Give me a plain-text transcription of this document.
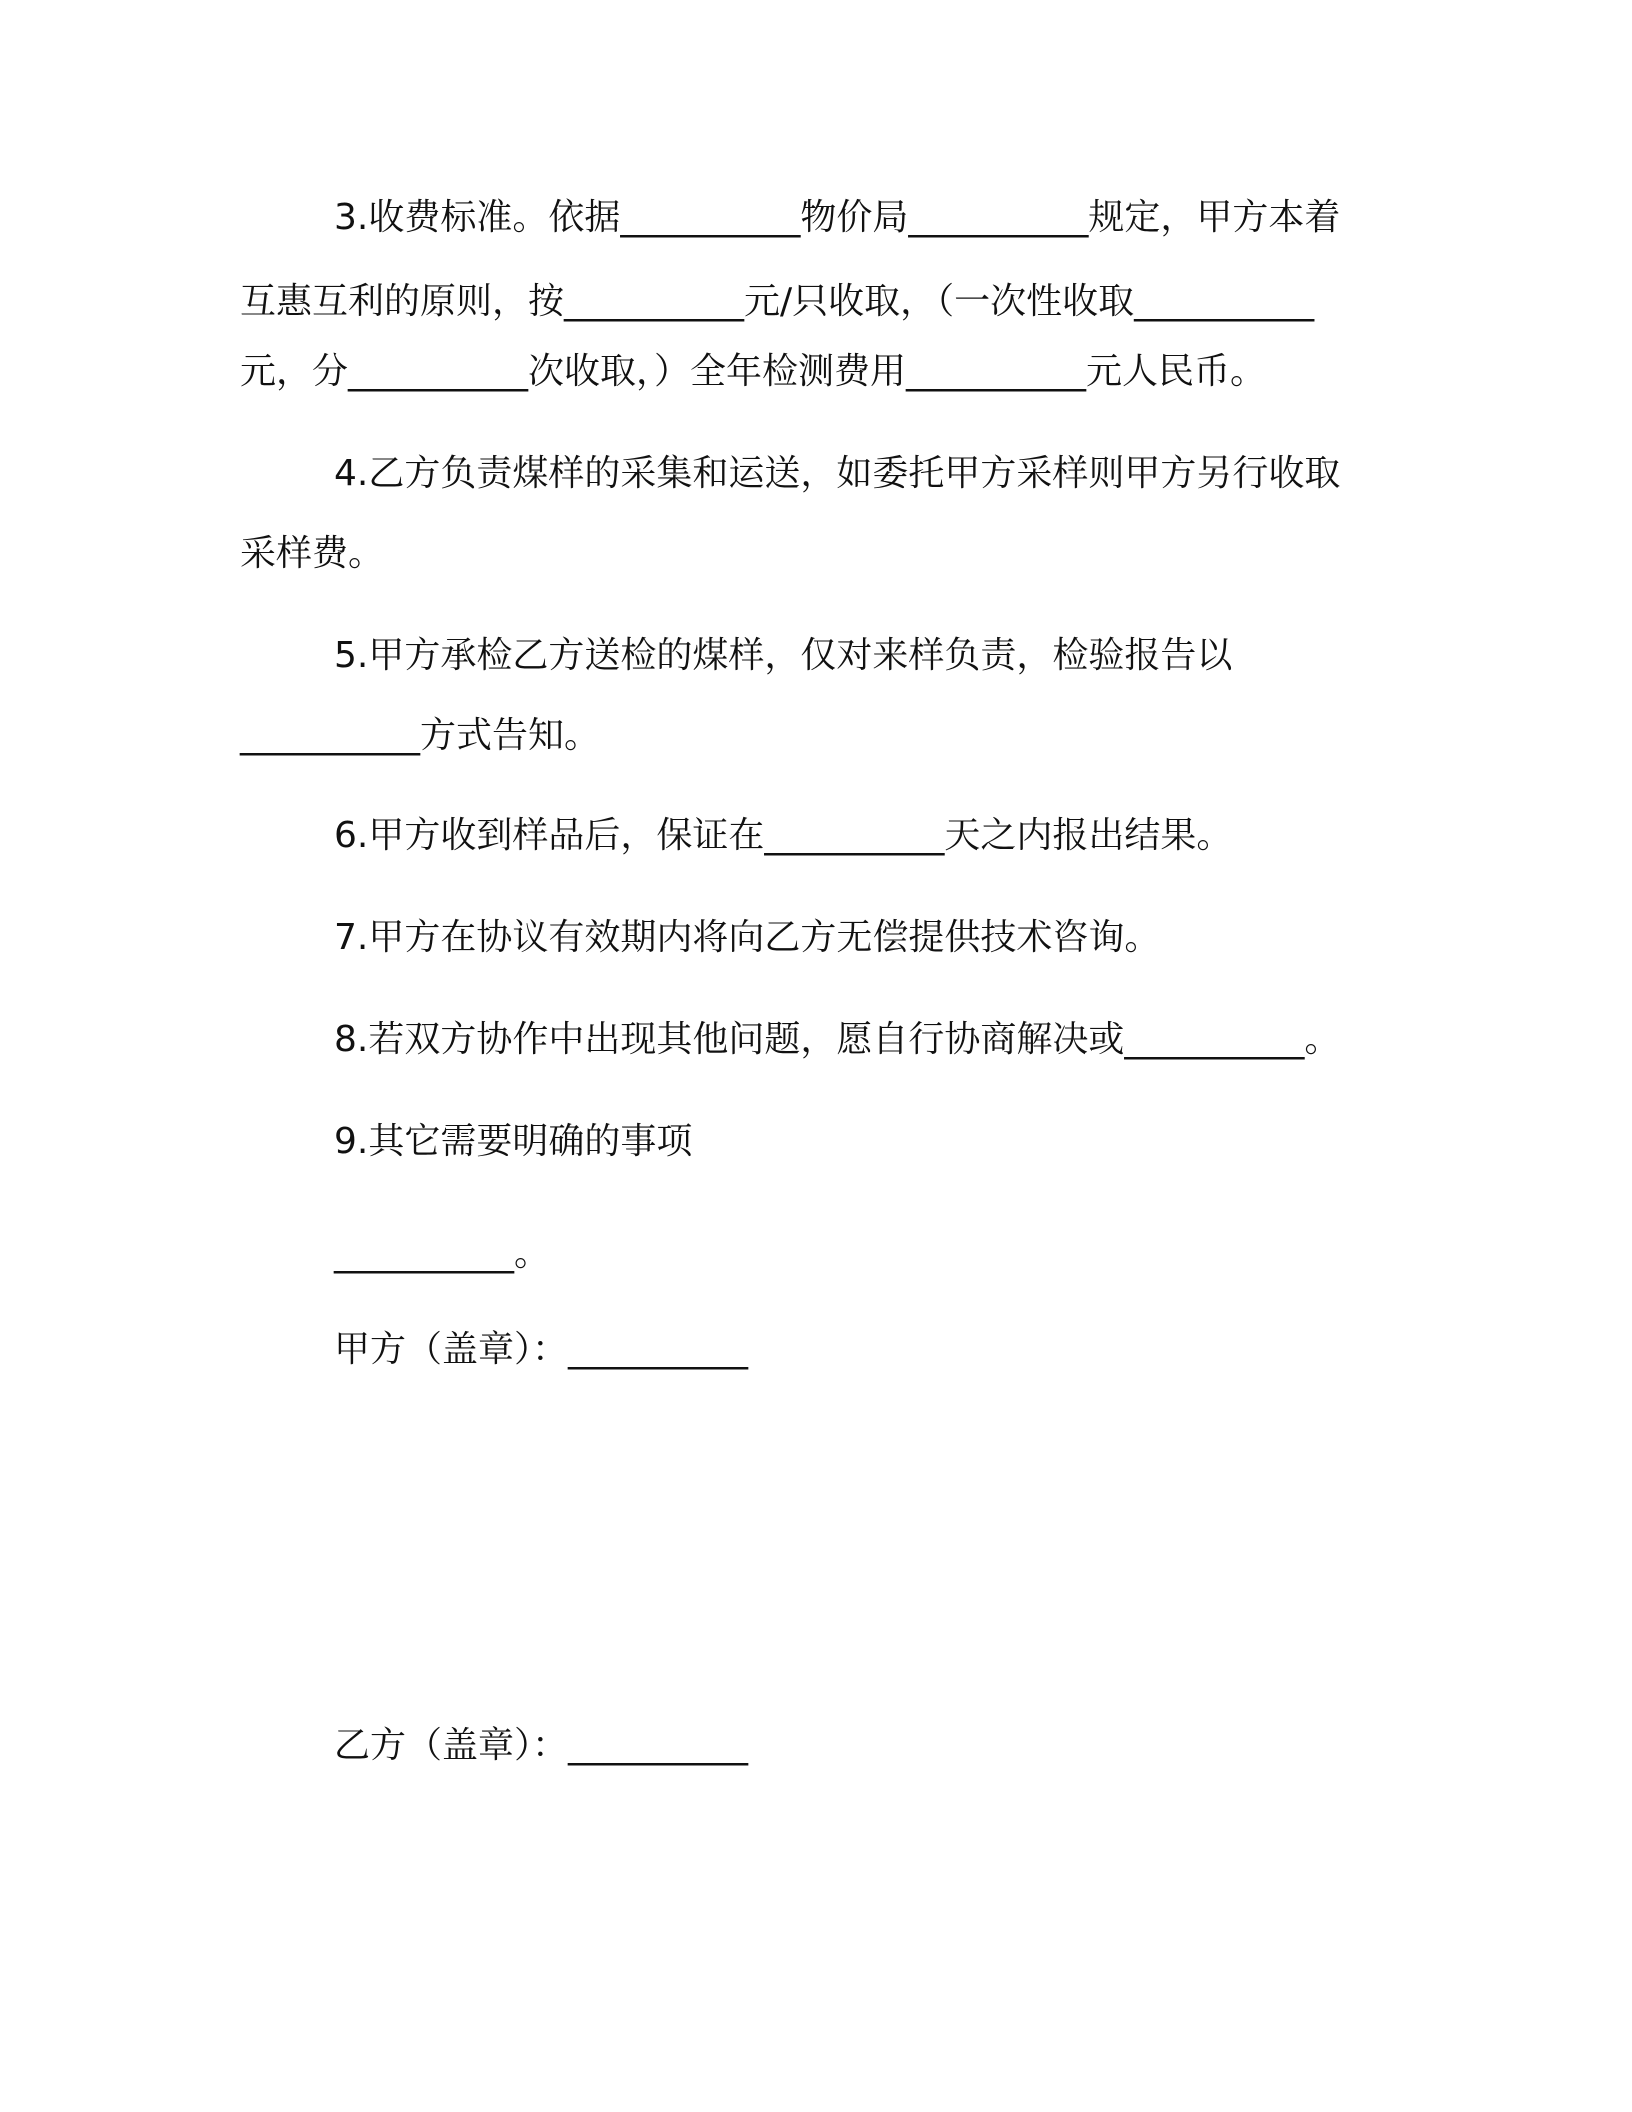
3.收费标准。依据__________物价局__________规定，甲方本着
互惠互利的原则，按__________元/只收取，（一次性收取__________
元，分__________次收取，）全年检测费用__________元人民币。
4.乙方负责煤样的采集和运送，如委托甲方采样则甲方另行收取
采样费。
5.甲方承检乙方送检的煤样，仅对来样负责，检验报告以
__________方式告知。
6.甲方收到样品后，保证在__________天之内报出结果。
7.甲方在协议有效期内将向乙方无偿提供技术咨询。
8.若双方协作中出现其他问题，愿自行协商解决或__________。
9.其它需要明确的事项
__________。
甲方（盖章）：__________
乙方（盖章）：__________
